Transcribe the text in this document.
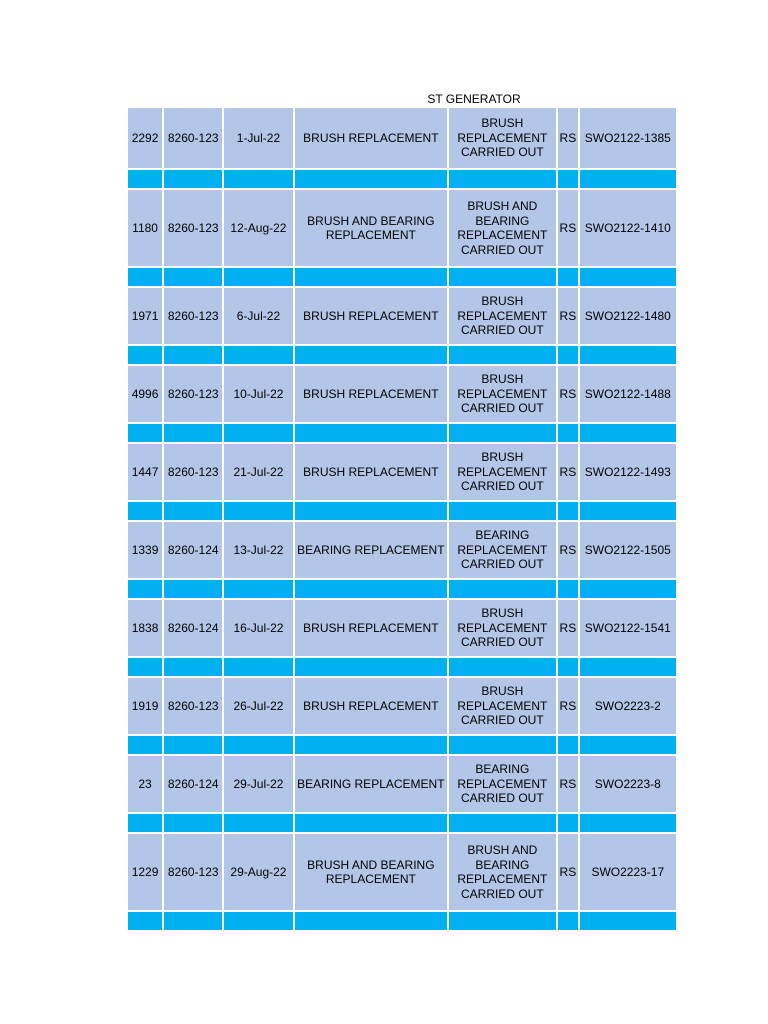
ST GENERATOR
2292	8260-123	1-Jul-22	BRUSH REPLACEMENT	BRUSH REPLACEMENT CARRIED OUT	RS	SWO2122-1385

1180	8260-123	12-Aug-22	BRUSH AND BEARING REPLACEMENT	BRUSH AND BEARING REPLACEMENT CARRIED OUT	RS	SWO2122-1410

1971	8260-123	6-Jul-22	BRUSH REPLACEMENT	BRUSH REPLACEMENT CARRIED OUT	RS	SWO2122-1480

4996	8260-123	10-Jul-22	BRUSH REPLACEMENT	BRUSH REPLACEMENT CARRIED OUT	RS	SWO2122-1488

1447	8260-123	21-Jul-22	BRUSH REPLACEMENT	BRUSH REPLACEMENT CARRIED OUT	RS	SWO2122-1493

1339	8260-124	13-Jul-22	BEARING REPLACEMENT	BEARING REPLACEMENT CARRIED OUT	RS	SWO2122-1505

1838	8260-124	16-Jul-22	BRUSH REPLACEMENT	BRUSH REPLACEMENT CARRIED OUT	RS	SWO2122-1541

1919	8260-123	26-Jul-22	BRUSH REPLACEMENT	BRUSH REPLACEMENT CARRIED OUT	RS	SWO2223-2

23	8260-124	29-Jul-22	BEARING REPLACEMENT	BEARING REPLACEMENT CARRIED OUT	RS	SWO2223-8

1229	8260-123	29-Aug-22	BRUSH AND BEARING REPLACEMENT	BRUSH AND BEARING REPLACEMENT CARRIED OUT	RS	SWO2223-17
